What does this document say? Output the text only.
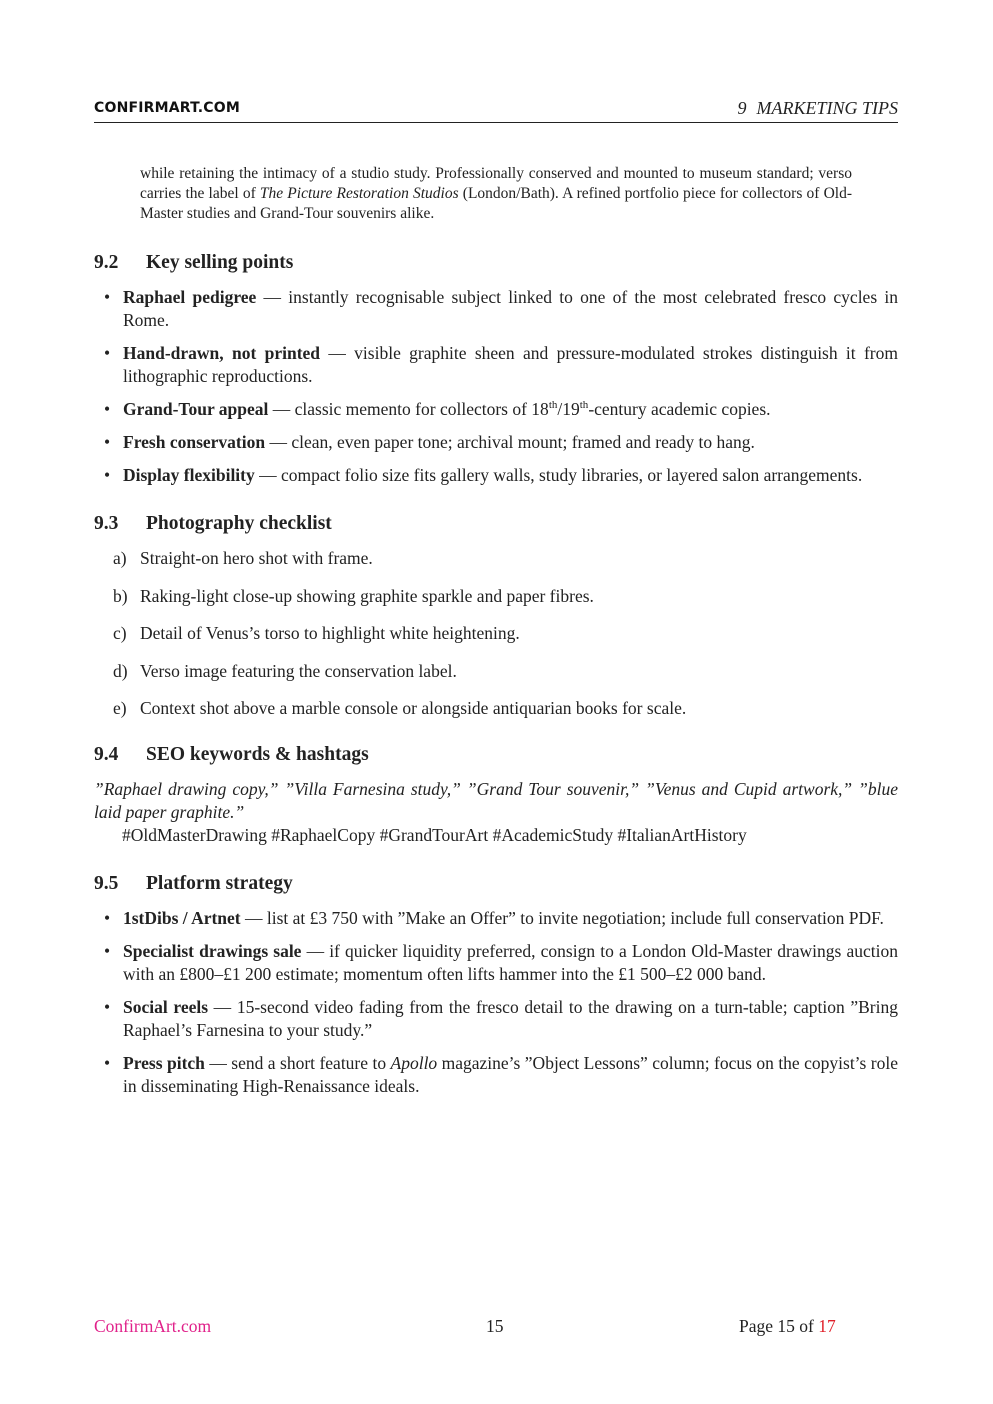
CONFIRMART.COM	9 MARKETING TIPS
while retaining the intimacy of a studio study. Professionally conserved and mounted to museum standard; verso carries the label of The Picture Restoration Studios (London/Bath). A refined portfolio piece for collectors of Old-Master studies and Grand-Tour souvenirs alike.
9.2 Key selling points
• Raphael pedigree — instantly recognisable subject linked to one of the most celebrated fresco cycles in Rome.
• Hand-drawn, not printed — visible graphite sheen and pressure-modulated strokes distinguish it from lithographic reproductions.
• Grand-Tour appeal — classic memento for collectors of 18th/19th-century academic copies.
• Fresh conservation — clean, even paper tone; archival mount; framed and ready to hang.
• Display flexibility — compact folio size fits gallery walls, study libraries, or layered salon arrangements.
9.3 Photography checklist
a) Straight-on hero shot with frame.
b) Raking-light close-up showing graphite sparkle and paper fibres.
c) Detail of Venus’s torso to highlight white heightening.
d) Verso image featuring the conservation label.
e) Context shot above a marble console or alongside antiquarian books for scale.
9.4 SEO keywords & hashtags
”Raphael drawing copy,” ”Villa Farnesina study,” ”Grand Tour souvenir,” ”Venus and Cupid artwork,” ”blue laid paper graphite.”
#OldMasterDrawing #RaphaelCopy #GrandTourArt #AcademicStudy #ItalianArtHistory
9.5 Platform strategy
• 1stDibs / Artnet — list at £3 750 with ”Make an Offer” to invite negotiation; include full conservation PDF.
• Specialist drawings sale — if quicker liquidity preferred, consign to a London Old-Master drawings auction with an £800–£1 200 estimate; momentum often lifts hammer into the £1 500–£2 000 band.
• Social reels — 15-second video fading from the fresco detail to the drawing on a turn-table; caption ”Bring Raphael’s Farnesina to your study.”
• Press pitch — send a short feature to Apollo magazine’s ”Object Lessons” column; focus on the copyist’s role in disseminating High-Renaissance ideals.
ConfirmArt.com	15	Page 15 of 17
